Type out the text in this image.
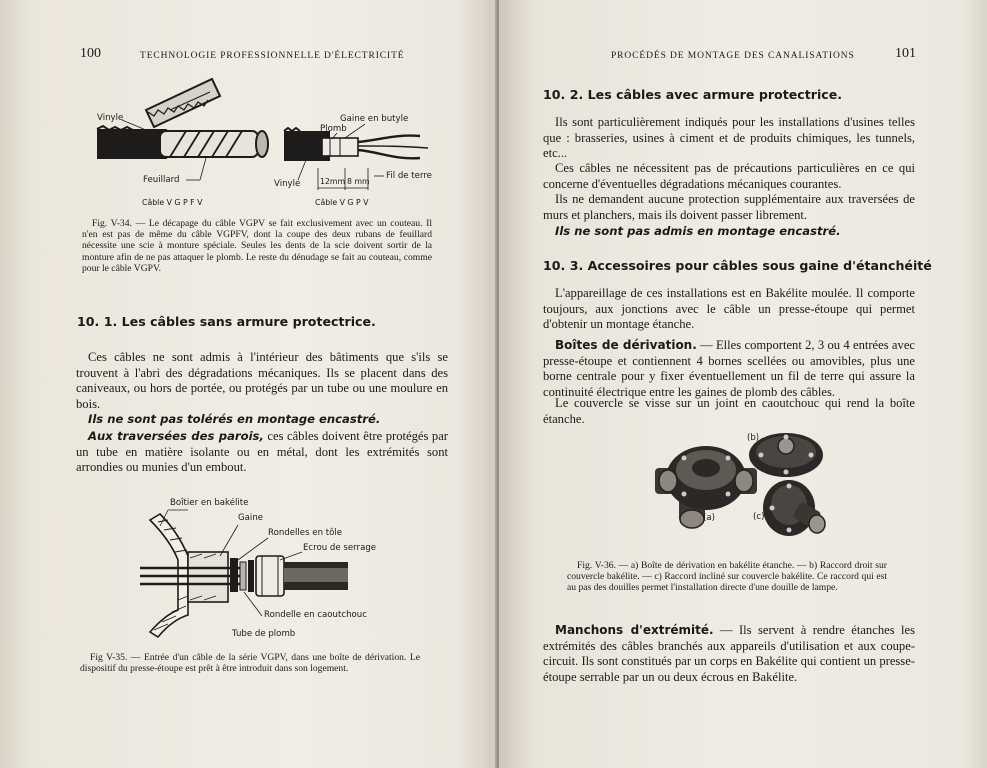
100	TECHNOLOGIE PROFESSIONNELLE D'ÉLECTRICITÉ
Vinyle
Feuillard
Câble V G P F V
Gaine en butyle
Plomb
Vinyle	12mm 8 mm
Fil de terre
Câble V G P V

Fig. V-34. — Le décapage du câble VGPV se fait exclusivement avec un couteau. Il n'en est pas de même du câble VGPFV, dont la coupe des deux rubans de feuillard nécessite une scie à monture spéciale. Seules les dents de la scie doivent sortir de la monture afin de ne pas attaquer le plomb. Le reste du dénudage se fait au couteau, comme pour le câble VGPV.

10. 1. Les câbles sans armure protectrice.

Ces câbles ne sont admis à l'intérieur des bâtiments que s'ils se trouvent à l'abri des dégradations mécaniques. Ils se placent dans des caniveaux, ou hors de portée, ou protégés par un tube ou une moulure en bois.

Ils ne sont pas tolérés en montage encastré.

Aux traversées des parois, ces câbles doivent être protégés par un tube en matière isolante ou en métal, dont les extrémités sont arrondies ou munies d'un embout.

Boîtier en bakélite
Gaine
Rondelles en tôle
Ecrou de serrage
Rondelle en caoutchouc
Tube de plomb

Fig V-35. — Entrée d'un câble de la série VGPV, dans une boîte de dérivation. Le dispositif du presse-étoupe est prêt à être introduit dans son logement.

PROCÉDÉS DE MONTAGE DES CANALISATIONS	101
10. 2. Les câbles avec armure protectrice.

Ils sont particulièrement indiqués pour les installations d'usines telles que : brasseries, usines à ciment et de produits chimiques, les tunnels, etc...

Ces câbles ne nécessitent pas de précautions particulières en ce qui concerne d'éventuelles dégradations mécaniques courantes.

Ils ne demandent aucune protection supplémentaire aux traversées de murs et planchers, mais ils doivent passer librement.

Ils ne sont pas admis en montage encastré.
10. 3. Accessoires pour câbles sous gaine d'étanchéité

L'appareillage de ces installations est en Bakélite moulée. Il comporte toujours, aux jonctions avec le câble un presse-étoupe qui permet d'obtenir un montage étanche.

Boîtes de dérivation. — Elles comportent 2, 3 ou 4 entrées avec presse-étoupe et contiennent 4 bornes scellées ou amovibles, plus une borne centrale pour y fixer éventuellement un fil de terre qui assure la continuité électrique entre les gaines de plomb des câbles.

Le couvercle se visse sur un joint en caoutchouc qui rend la boîte étanche.

(a)
(b)
(c)

Fig. V-36. — a) Boîte de dérivation en bakélite étanche. — b) Raccord droit sur couvercle bakélite. — c) Raccord incliné sur couvercle bakélite. Ce raccord qui est au pas des douilles permet l'installation directe d'une douille de lampe.

Manchons d'extrémité. — Ils servent à rendre étanches les extrémités des câbles branchés aux appareils d'utilisation et aux coupe-circuit. Ils sont constitués par un corps en Bakélite qui contient un presse-étoupe serrable par un ou deux écrous en Bakélite.
